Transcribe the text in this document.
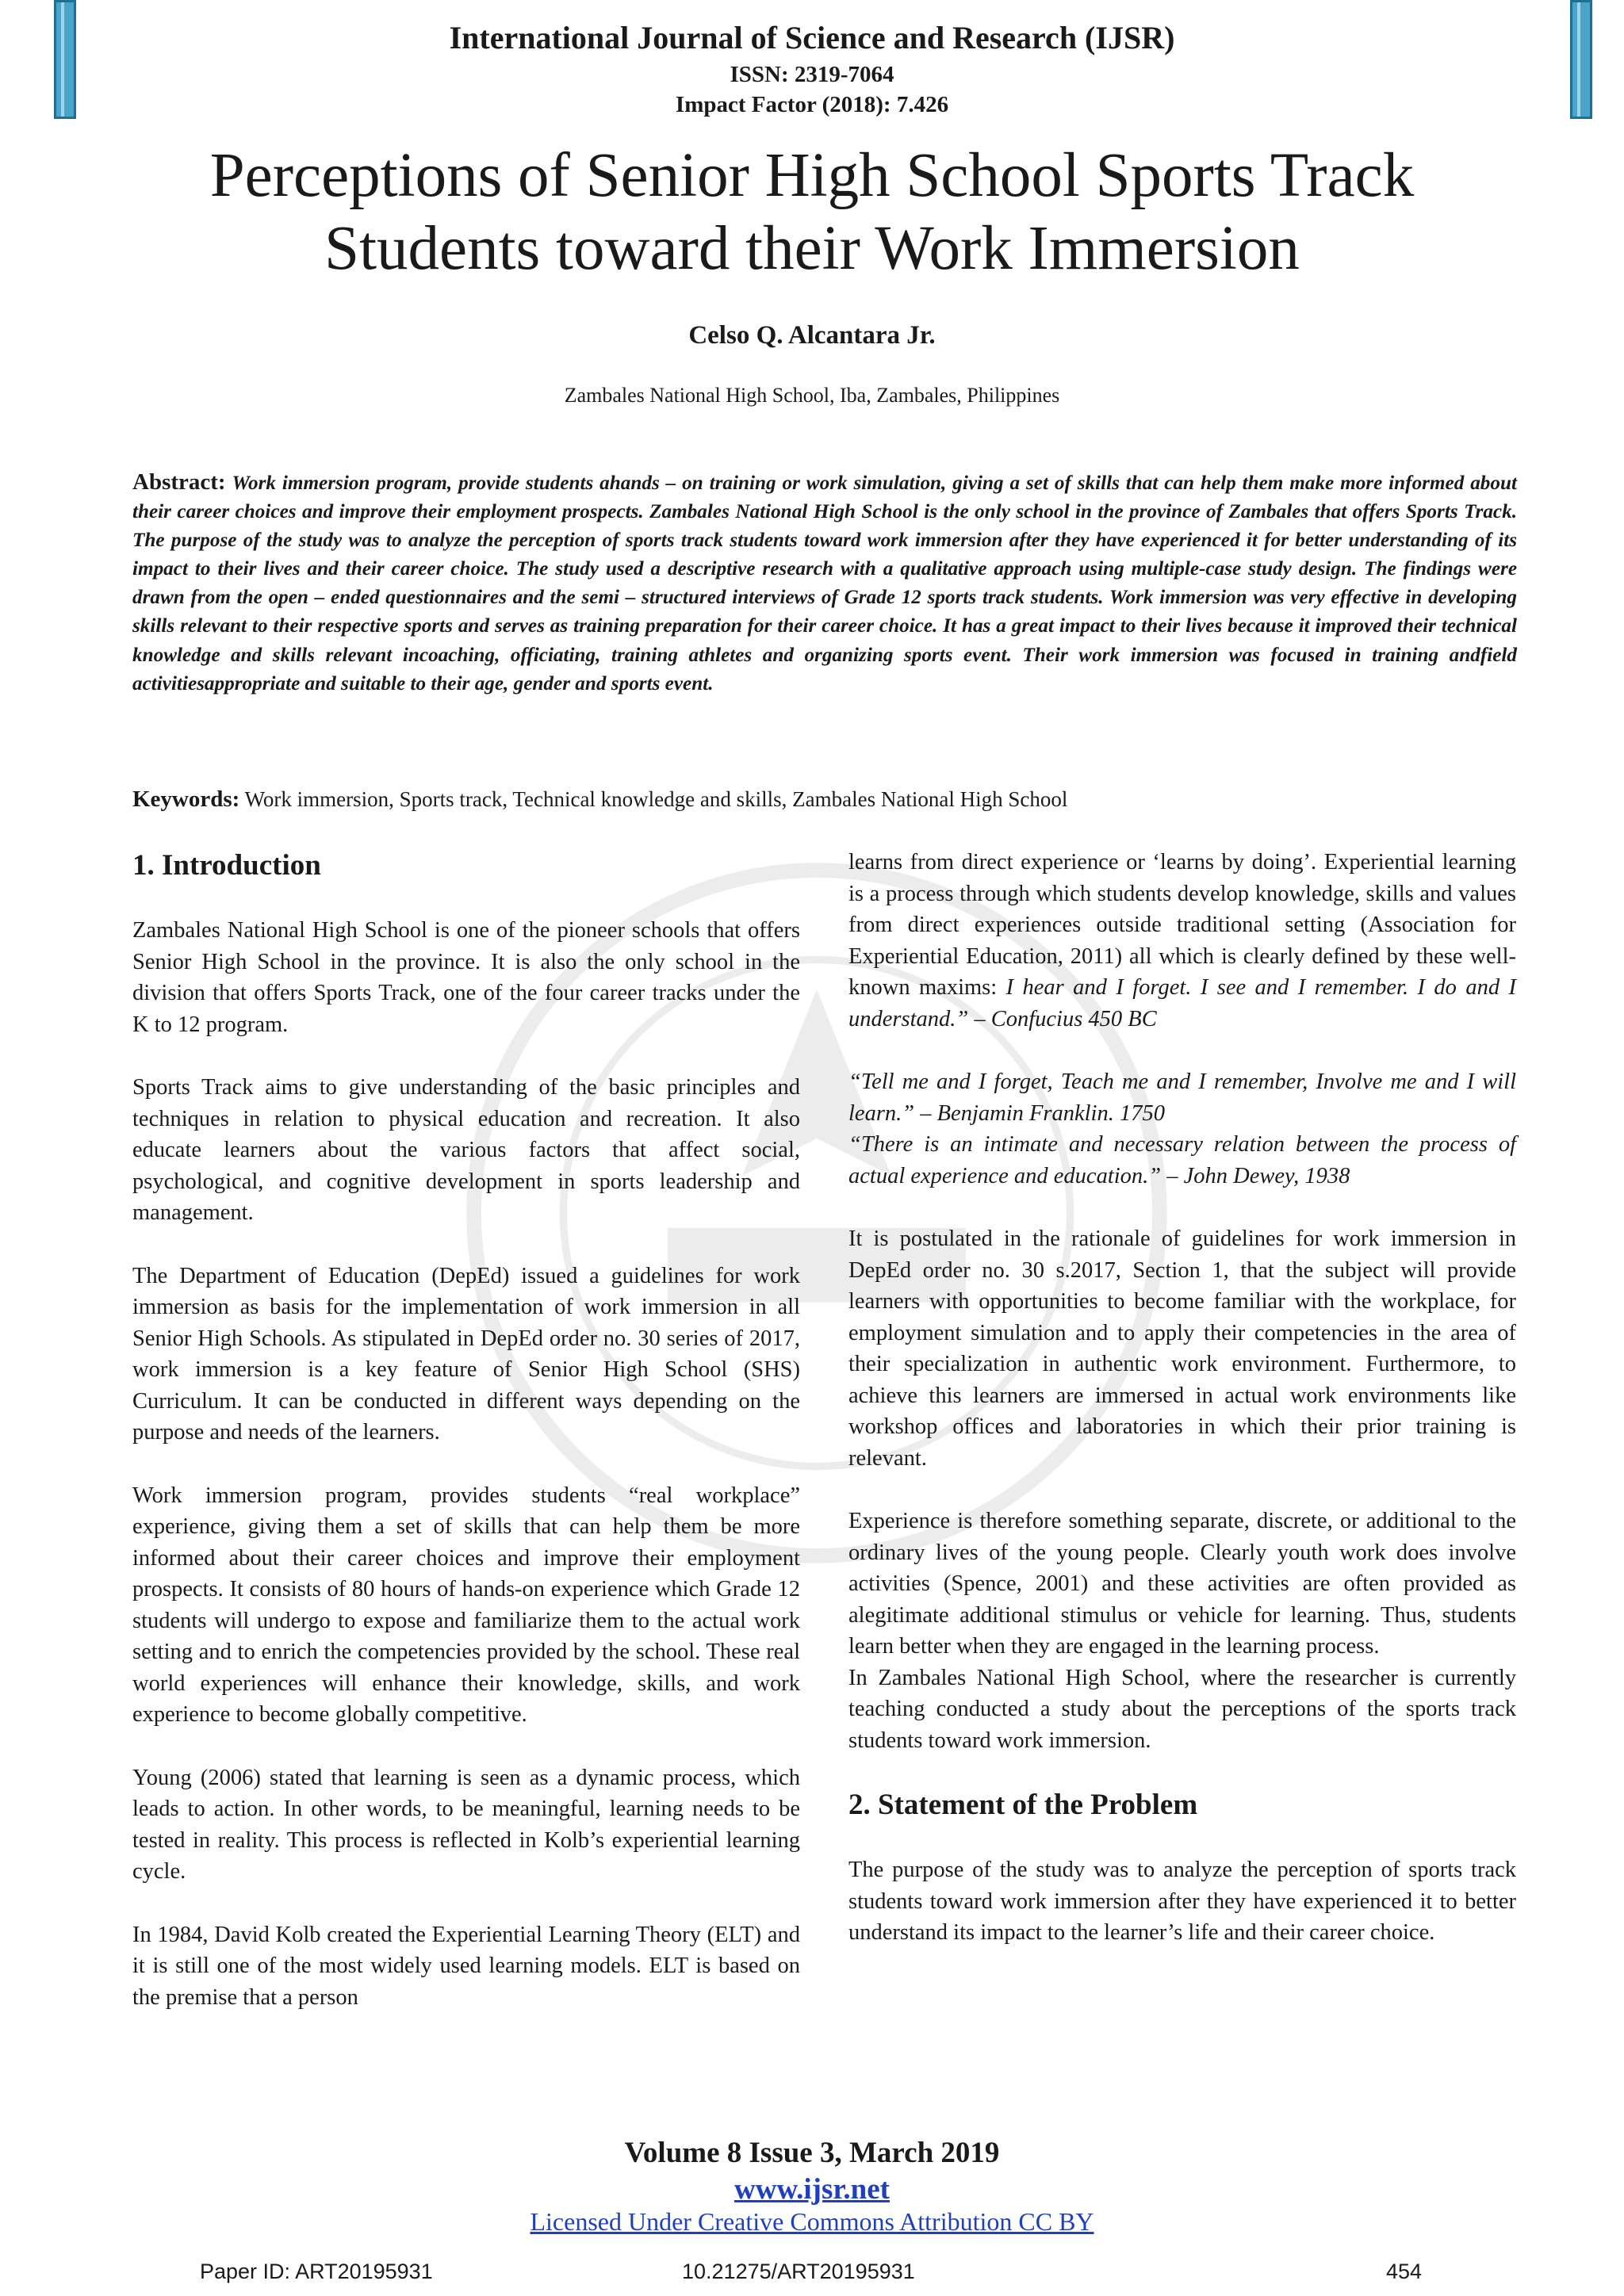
International Journal of Science and Research (IJSR)
ISSN: 2319-7064
Impact Factor (2018): 7.426
Perceptions of Senior High School Sports Track
Students toward their Work Immersion
Celso Q. Alcantara Jr.
Zambales National High School, Iba, Zambales, Philippines
Abstract: Work immersion program, provide students ahands – on training or work simulation, giving a set of skills that can help them make more informed about their career choices and improve their employment prospects. Zambales National High School is the only school in the province of Zambales that offers Sports Track. The purpose of the study was to analyze the perception of sports track students toward work immersion after they have experienced it for better understanding of its impact to their lives and their career choice. The study used a descriptive research with a qualitative approach using multiple-case study design. The findings were drawn from the open – ended questionnaires and the semi – structured interviews of Grade 12 sports track students. Work immersion was very effective in developing skills relevant to their respective sports and serves as training preparation for their career choice. It has a great impact to their lives because it improved their technical knowledge and skills relevant incoaching, officiating, training athletes and organizing sports event. Their work immersion was focused in training andfield activitiesappropriate and suitable to their age, gender and sports event.
Keywords: Work immersion, Sports track, Technical knowledge and skills, Zambales National High School
1. Introduction

Zambales National High School is one of the pioneer schools that offers Senior High School in the province. It is also the only school in the division that offers Sports Track, one of the four career tracks under the K to 12 program.

Sports Track aims to give understanding of the basic principles and techniques in relation to physical education and recreation. It also educate learners about the various factors that affect social, psychological, and cognitive development in sports leadership and management.

The Department of Education (DepEd) issued a guidelines for work immersion as basis for the implementation of work immersion in all Senior High Schools. As stipulated in DepEd order no. 30 series of 2017, work immersion is a key feature of Senior High School (SHS) Curriculum. It can be conducted in different ways depending on the purpose and needs of the learners.

Work immersion program, provides students “real workplace” experience, giving them a set of skills that can help them be more informed about their career choices and improve their employment prospects. It consists of 80 hours of hands-on experience which Grade 12 students will undergo to expose and familiarize them to the actual work setting and to enrich the competencies provided by the school. These real world experiences will enhance their knowledge, skills, and work experience to become globally competitive.

Young (2006) stated that learning is seen as a dynamic process, which leads to action. In other words, to be meaningful, learning needs to be tested in reality. This process is reflected in Kolb’s experiential learning cycle.

In 1984, David Kolb created the Experiential Learning Theory (ELT) and it is still one of the most widely used learning models. ELT is based on the premise that a person

learns from direct experience or ‘learns by doing’. Experiential learning is a process through which students develop knowledge, skills and values from direct experiences outside traditional setting (Association for Experiential Education, 2011) all which is clearly defined by these well-known maxims: I hear and I forget. I see and I remember. I do and I understand.” – Confucius 450 BC

“Tell me and I forget, Teach me and I remember, Involve me and I will learn.” – Benjamin Franklin. 1750

“There is an intimate and necessary relation between the process of actual experience and education.” – John Dewey, 1938

It is postulated in the rationale of guidelines for work immersion in DepEd order no. 30 s.2017, Section 1, that the subject will provide learners with opportunities to become familiar with the workplace, for employment simulation and to apply their competencies in the area of their specialization in authentic work environment. Furthermore, to achieve this learners are immersed in actual work environments like workshop offices and laboratories in which their prior training is relevant.

Experience is therefore something separate, discrete, or additional to the ordinary lives of the young people. Clearly youth work does involve activities (Spence, 2001) and these activities are often provided as alegitimate additional stimulus or vehicle for learning. Thus, students learn better when they are engaged in the learning process.

In Zambales National High School, where the researcher is currently teaching conducted a study about the perceptions of the sports track students toward work immersion.

2. Statement of the Problem

The purpose of the study was to analyze the perception of sports track students toward work immersion after they have experienced it to better understand its impact to the learner’s life and their career choice.

Volume 8 Issue 3, March 2019
www.ijsr.net
Licensed Under Creative Commons Attribution CC BY
Paper ID: ART20195931	10.21275/ART20195931	454
